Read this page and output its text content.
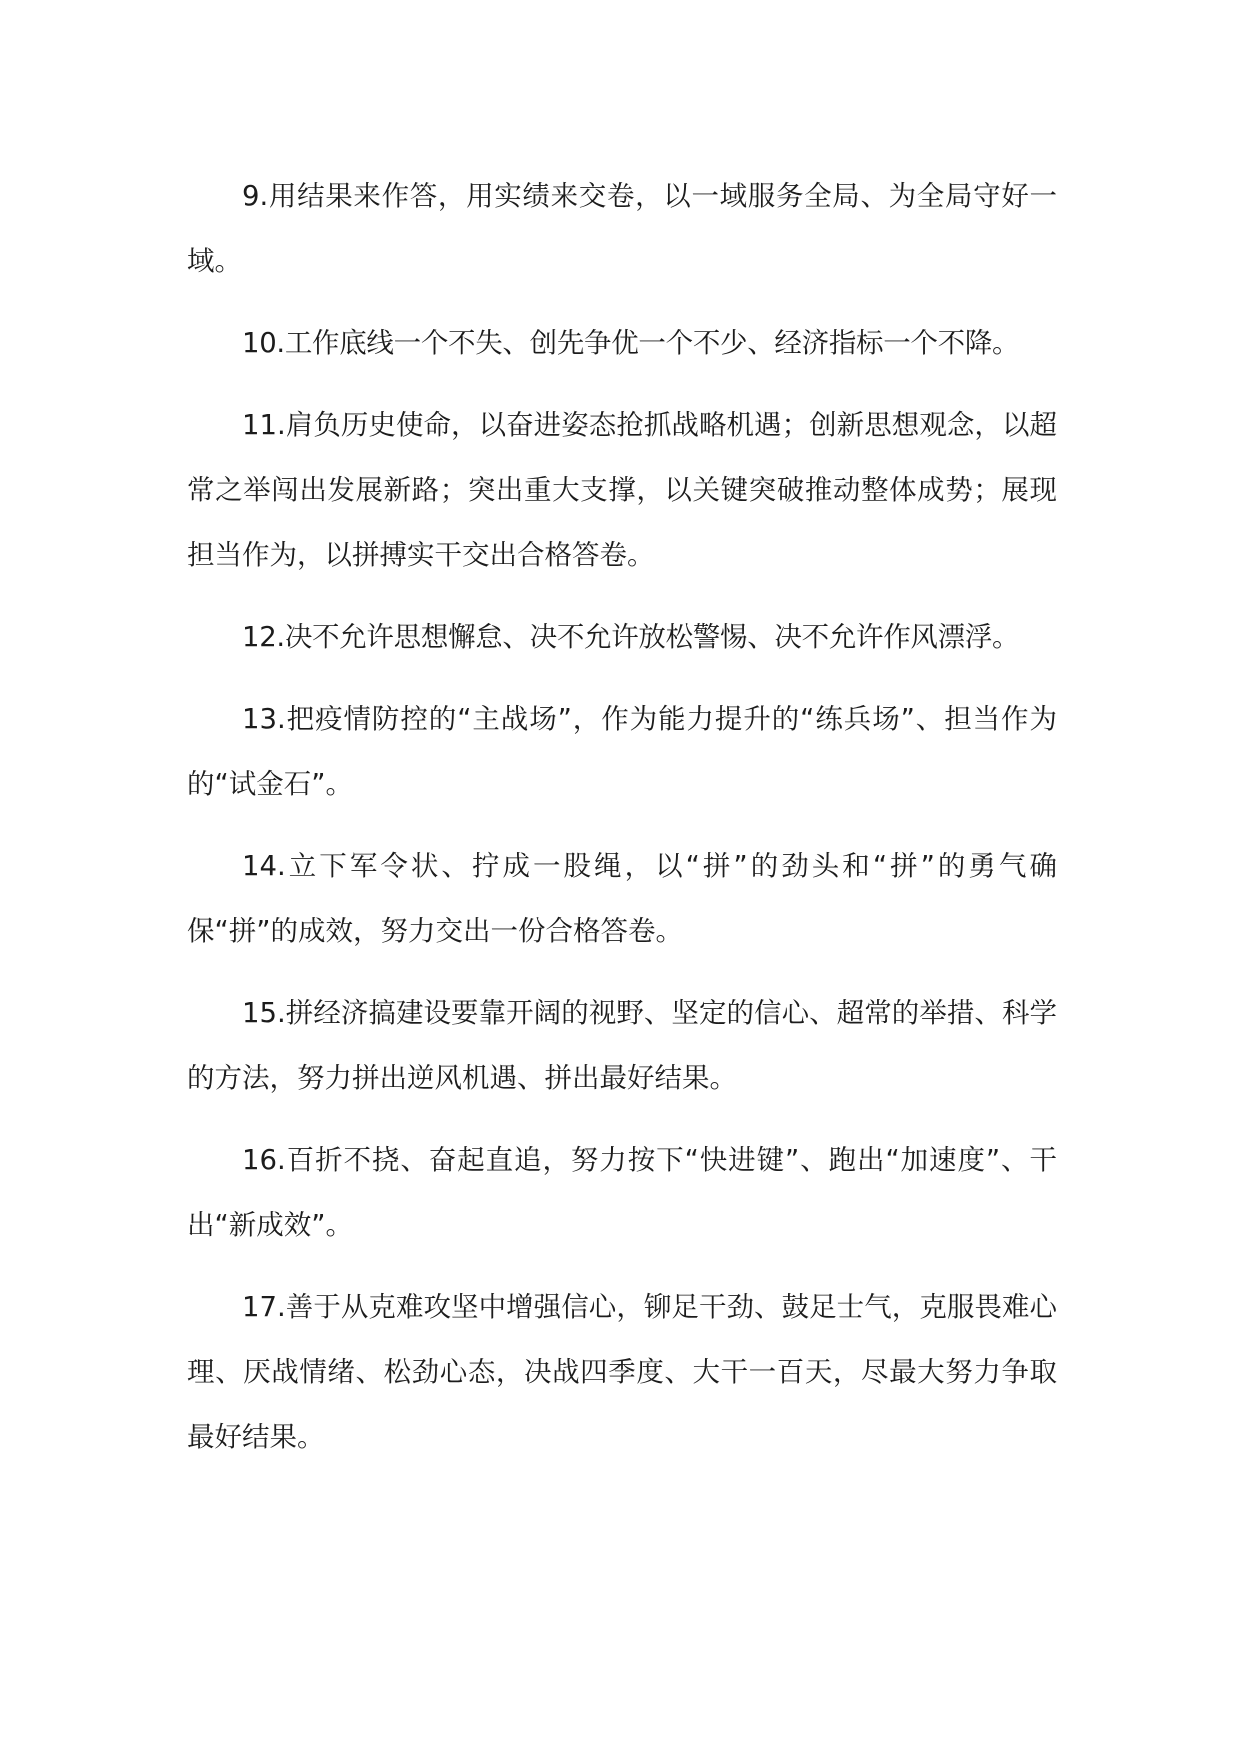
9.用结果来作答，用实绩来交卷，以一域服务全局、为全局守好一域。

10.工作底线一个不失、创先争优一个不少、经济指标一个不降。

11.肩负历史使命，以奋进姿态抢抓战略机遇；创新思想观念，以超常之举闯出发展新路；突出重大支撑，以关键突破推动整体成势；展现担当作为，以拼搏实干交出合格答卷。

12.决不允许思想懈怠、决不允许放松警惕、决不允许作风漂浮。

13.把疫情防控的“主战场”，作为能力提升的“练兵场”、担当作为的“试金石”。

14.立下军令状、拧成一股绳，以“拼”的劲头和“拼”的勇气确保“拼”的成效，努力交出一份合格答卷。

15.拼经济搞建设要靠开阔的视野、坚定的信心、超常的举措、科学的方法，努力拼出逆风机遇、拼出最好结果。

16.百折不挠、奋起直追，努力按下“快进键”、跑出“加速度”、干出“新成效”。

17.善于从克难攻坚中增强信心，铆足干劲、鼓足士气，克服畏难心理、厌战情绪、松劲心态，决战四季度、大干一百天，尽最大努力争取最好结果。
